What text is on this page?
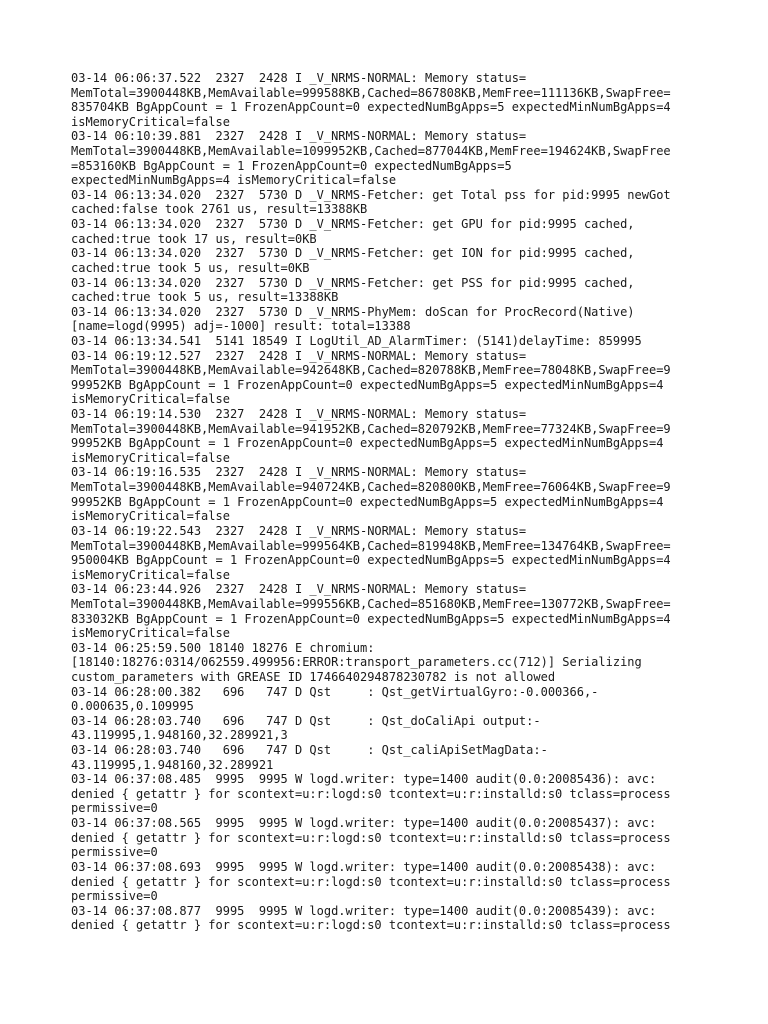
03-14 06:06:37.522  2327  2428 I _V_NRMS-NORMAL: Memory status=
MemTotal=3900448KB,MemAvailable=999588KB,Cached=867808KB,MemFree=111136KB,SwapFree=
835704KB BgAppCount = 1 FrozenAppCount=0 expectedNumBgApps=5 expectedMinNumBgApps=4
isMemoryCritical=false
03-14 06:10:39.881  2327  2428 I _V_NRMS-NORMAL: Memory status=
MemTotal=3900448KB,MemAvailable=1099952KB,Cached=877044KB,MemFree=194624KB,SwapFree
=853160KB BgAppCount = 1 FrozenAppCount=0 expectedNumBgApps=5
expectedMinNumBgApps=4 isMemoryCritical=false
03-14 06:13:34.020  2327  5730 D _V_NRMS-Fetcher: get Total pss for pid:9995 newGot
cached:false took 2761 us, result=13388KB
03-14 06:13:34.020  2327  5730 D _V_NRMS-Fetcher: get GPU for pid:9995 cached,
cached:true took 17 us, result=0KB
03-14 06:13:34.020  2327  5730 D _V_NRMS-Fetcher: get ION for pid:9995 cached,
cached:true took 5 us, result=0KB
03-14 06:13:34.020  2327  5730 D _V_NRMS-Fetcher: get PSS for pid:9995 cached,
cached:true took 5 us, result=13388KB
03-14 06:13:34.020  2327  5730 D _V_NRMS-PhyMem: doScan for ProcRecord(Native)
[name=logd(9995) adj=-1000] result: total=13388
03-14 06:13:34.541  5141 18549 I LogUtil_AD_AlarmTimer: (5141)delayTime: 859995
03-14 06:19:12.527  2327  2428 I _V_NRMS-NORMAL: Memory status=
MemTotal=3900448KB,MemAvailable=942648KB,Cached=820788KB,MemFree=78048KB,SwapFree=9
99952KB BgAppCount = 1 FrozenAppCount=0 expectedNumBgApps=5 expectedMinNumBgApps=4
isMemoryCritical=false
03-14 06:19:14.530  2327  2428 I _V_NRMS-NORMAL: Memory status=
MemTotal=3900448KB,MemAvailable=941952KB,Cached=820792KB,MemFree=77324KB,SwapFree=9
99952KB BgAppCount = 1 FrozenAppCount=0 expectedNumBgApps=5 expectedMinNumBgApps=4
isMemoryCritical=false
03-14 06:19:16.535  2327  2428 I _V_NRMS-NORMAL: Memory status=
MemTotal=3900448KB,MemAvailable=940724KB,Cached=820800KB,MemFree=76064KB,SwapFree=9
99952KB BgAppCount = 1 FrozenAppCount=0 expectedNumBgApps=5 expectedMinNumBgApps=4
isMemoryCritical=false
03-14 06:19:22.543  2327  2428 I _V_NRMS-NORMAL: Memory status=
MemTotal=3900448KB,MemAvailable=999564KB,Cached=819948KB,MemFree=134764KB,SwapFree=
950004KB BgAppCount = 1 FrozenAppCount=0 expectedNumBgApps=5 expectedMinNumBgApps=4
isMemoryCritical=false
03-14 06:23:44.926  2327  2428 I _V_NRMS-NORMAL: Memory status=
MemTotal=3900448KB,MemAvailable=999556KB,Cached=851680KB,MemFree=130772KB,SwapFree=
833032KB BgAppCount = 1 FrozenAppCount=0 expectedNumBgApps=5 expectedMinNumBgApps=4
isMemoryCritical=false
03-14 06:25:59.500 18140 18276 E chromium:
[18140:18276:0314/062559.499956:ERROR:transport_parameters.cc(712)] Serializing
custom_parameters with GREASE ID 1746640294878230782 is not allowed
03-14 06:28:00.382   696   747 D Qst     : Qst_getVirtualGyro:-0.000366,-
0.000635,0.109995
03-14 06:28:03.740   696   747 D Qst     : Qst_doCaliApi output:-
43.119995,1.948160,32.289921,3
03-14 06:28:03.740   696   747 D Qst     : Qst_caliApiSetMagData:-
43.119995,1.948160,32.289921
03-14 06:37:08.485  9995  9995 W logd.writer: type=1400 audit(0.0:20085436): avc:
denied { getattr } for scontext=u:r:logd:s0 tcontext=u:r:installd:s0 tclass=process
permissive=0
03-14 06:37:08.565  9995  9995 W logd.writer: type=1400 audit(0.0:20085437): avc:
denied { getattr } for scontext=u:r:logd:s0 tcontext=u:r:installd:s0 tclass=process
permissive=0
03-14 06:37:08.693  9995  9995 W logd.writer: type=1400 audit(0.0:20085438): avc:
denied { getattr } for scontext=u:r:logd:s0 tcontext=u:r:installd:s0 tclass=process
permissive=0
03-14 06:37:08.877  9995  9995 W logd.writer: type=1400 audit(0.0:20085439): avc:
denied { getattr } for scontext=u:r:logd:s0 tcontext=u:r:installd:s0 tclass=process
